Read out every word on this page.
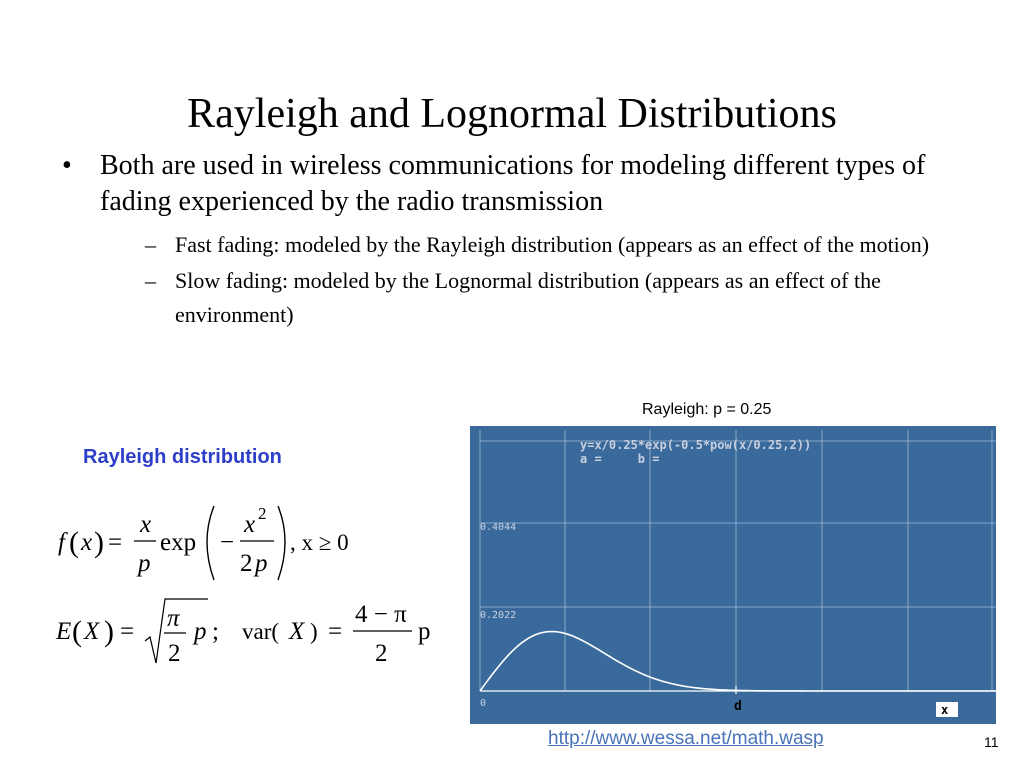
Rayleigh and Lognormal Distributions
• Both are used in wireless communications for modeling different types of fading experienced by the radio transmission
– Fast fading: modeled by the Rayleigh distribution (appears as an effect of the motion)
– Slow fading: modeled by the Lognormal distribution (appears as an effect of the environment)
Rayleigh distribution
f ( x ) =
x
p
exp −
x 2
2 p
, x ≥ 0
E ( X ) = π
2
p ; var( X ) =
4 − π
2
p
Rayleigh: p = 0.25
y=x/0.25*exp(-0.5*pow(x/0.25,2))
a =     b =
0.4044
0.2022
0	d	x
http://www.wessa.net/math.wasp	11
